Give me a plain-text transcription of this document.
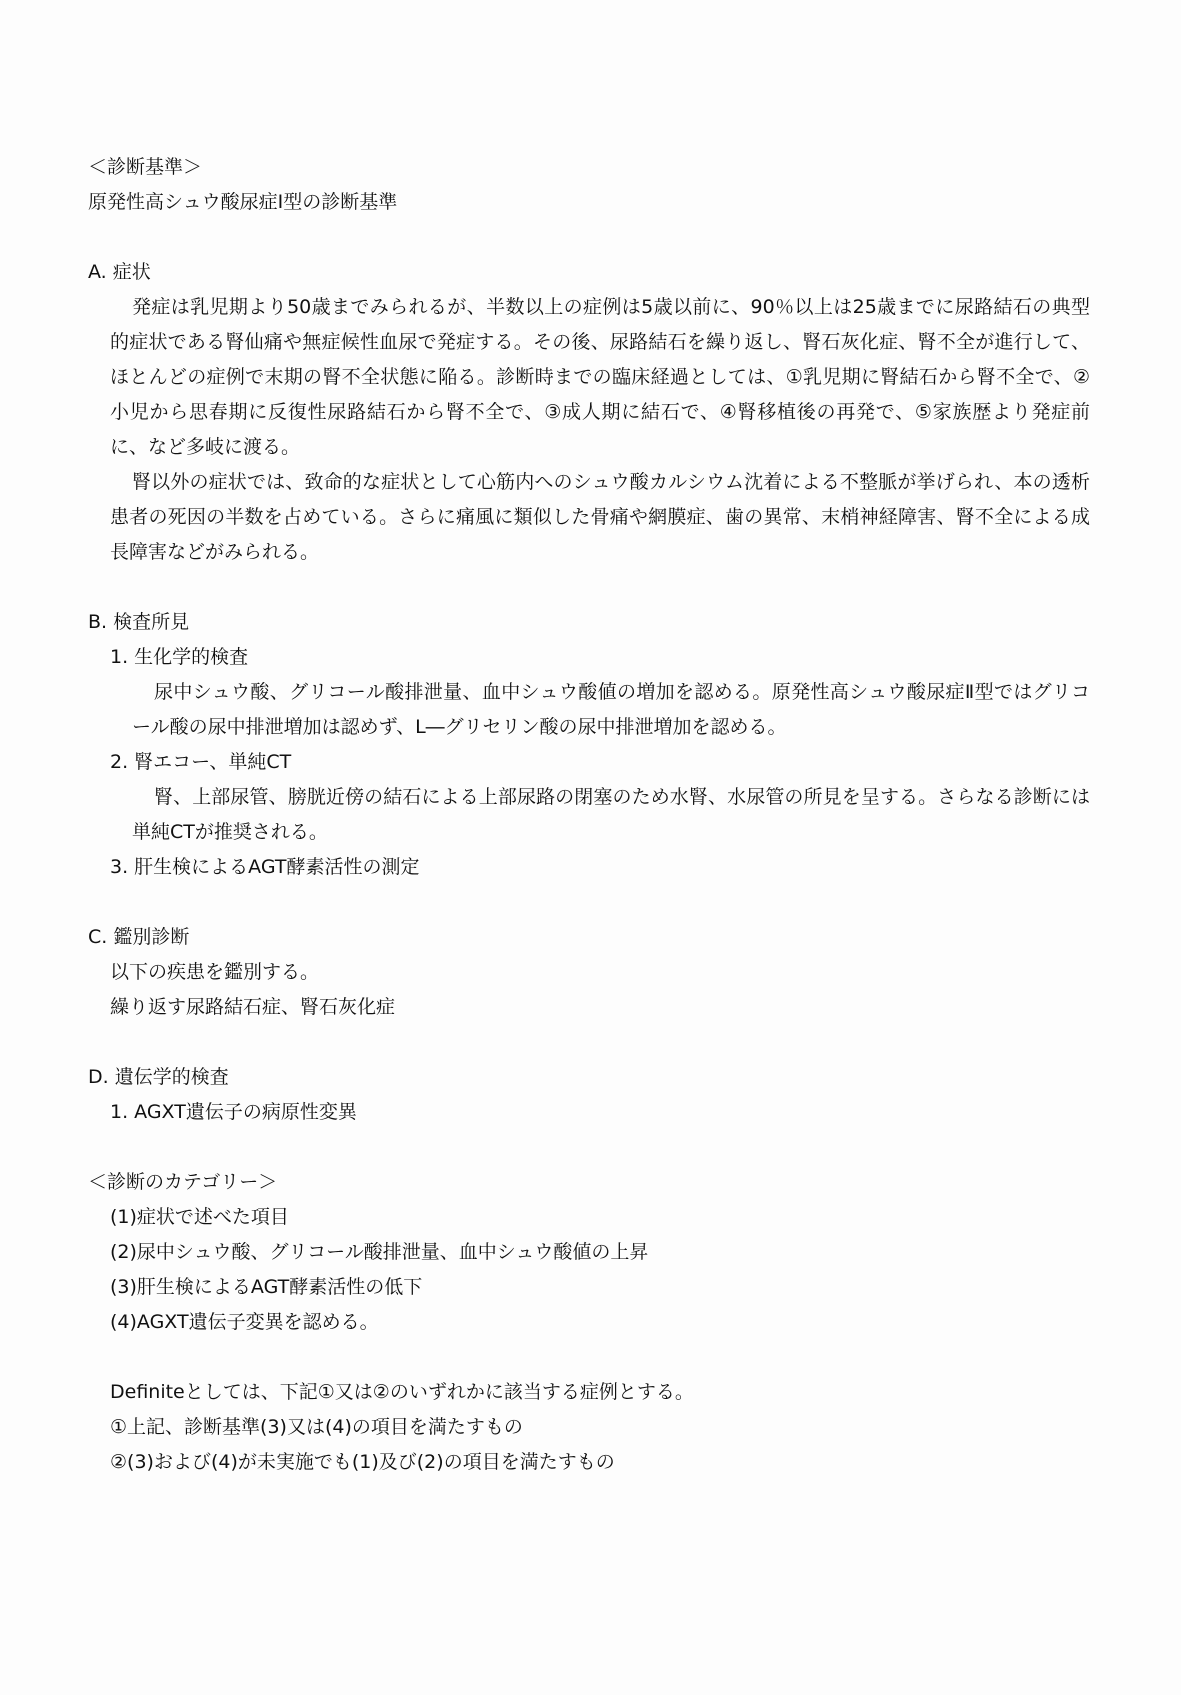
＜診断基準＞
原発性高シュウ酸尿症Ⅰ型の診断基準
A. 症状
発症は乳児期より50歳までみられるが、半数以上の症例は5歳以前に、90％以上は25歳までに尿路結石の典型的症状である腎仙痛や無症候性血尿で発症する。その後、尿路結石を繰り返し、腎石灰化症、腎不全が進行して、ほとんどの症例で末期の腎不全状態に陥る。診断時までの臨床経過としては、①乳児期に腎結石から腎不全で、②小児から思春期に反復性尿路結石から腎不全で、③成人期に結石で、④腎移植後の再発で、⑤家族歴より発症前に、など多岐に渡る。
腎以外の症状では、致命的な症状として心筋内へのシュウ酸カルシウム沈着による不整脈が挙げられ、本の透析患者の死因の半数を占めている。さらに痛風に類似した骨痛や網膜症、歯の異常、末梢神経障害、腎不全による成長障害などがみられる。
B. 検査所見
1. 生化学的検査
尿中シュウ酸、グリコール酸排泄量、血中シュウ酸値の増加を認める。原発性高シュウ酸尿症Ⅱ型ではグリコール酸の尿中排泄増加は認めず、L―グリセリン酸の尿中排泄増加を認める。
2. 腎エコー、単純CT
腎、上部尿管、膀胱近傍の結石による上部尿路の閉塞のため水腎、水尿管の所見を呈する。さらなる診断には単純CTが推奨される。
3. 肝生検によるAGT酵素活性の測定
C. 鑑別診断
以下の疾患を鑑別する。
繰り返す尿路結石症、腎石灰化症
D. 遺伝学的検査
1. AGXT遺伝子の病原性変異
＜診断のカテゴリー＞
(1)症状で述べた項目
(2)尿中シュウ酸、グリコール酸排泄量、血中シュウ酸値の上昇
(3)肝生検によるAGT酵素活性の低下
(4)AGXT遺伝子変異を認める。
Definiteとしては、下記①又は②のいずれかに該当する症例とする。
①上記、診断基準(3)又は(4)の項目を満たすもの
②(3)および(4)が未実施でも(1)及び(2)の項目を満たすもの
